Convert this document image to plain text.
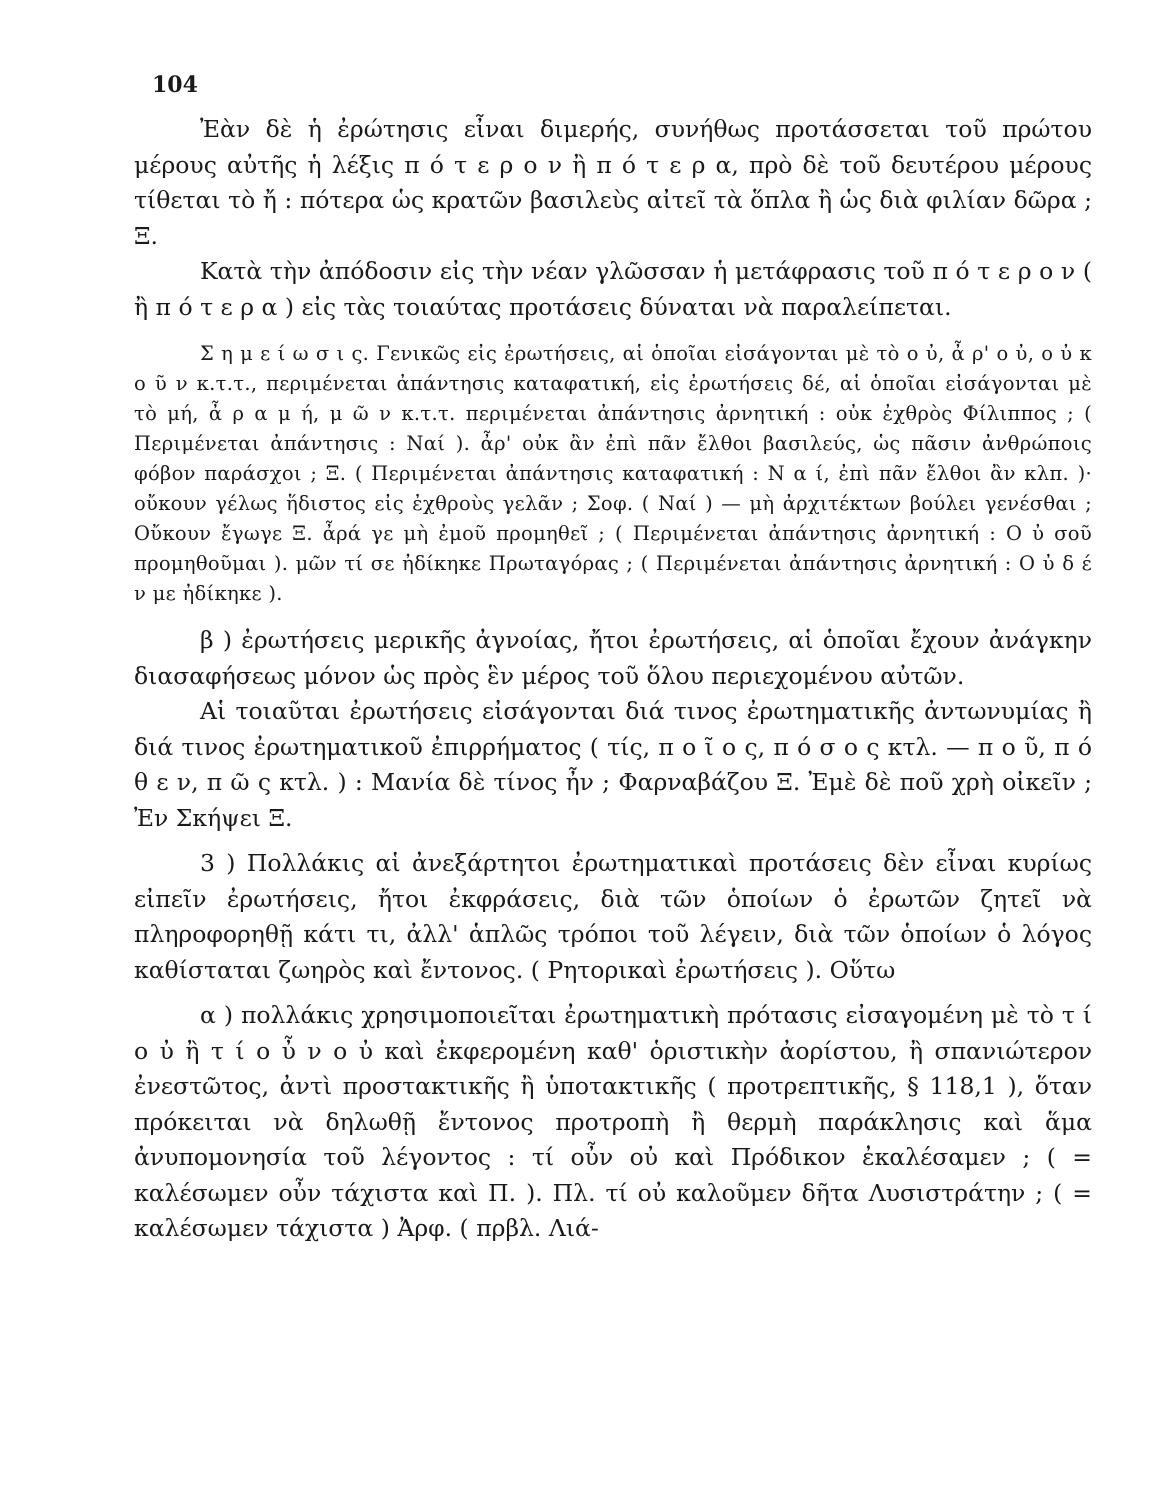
104

Ἐὰν δὲ ἡ ἐρώτησις εἶναι διμερής, συνήθως προτάσσεται τοῦ πρώτου μέρους αὐτῆς ἡ λέξις π ό τ ε ρ ο ν ἢ π ό τ ε ρ α, πρὸ δὲ τοῦ δευτέρου μέρους τίθεται τὸ ἤ : πότερα ὡς κρατῶν βασιλεὺς αἰτεῖ τὰ ὅπλα ἢ ὡς διὰ φιλίαν δῶρα ; Ξ.

Κατὰ τὴν ἀπόδοσιν εἰς τὴν νέαν γλῶσσαν ἡ μετάφρασις τοῦ π ό τ ε ρ ο ν ( ἢ π ό τ ε ρ α ) εἰς τὰς τοιαύτας προτάσεις δύναται νὰ παραλείπεται.

Σ η μ ε ί ω σ ι ς. Γενικῶς εἰς ἐρωτήσεις, αἱ ὁποῖαι εἰσάγονται μὲ τὸ ο ὐ, ἆ ρ' ο ὐ, ο ὐ κ ο ῦ ν κ.τ.τ., περιμένεται ἀπάντησις καταφατική, εἰς ἐρωτήσεις δέ, αἱ ὁποῖαι εἰσάγονται μὲ τὸ μή, ἆ ρ α μ ή, μ ῶ ν κ.τ.τ. περιμένεται ἀπάντησις ἀρνητική : οὐκ ἐχθρὸς Φίλιππος ; ( Περιμένεται ἀπάντησις : Ναί ). ἆρ' οὐκ ἂν ἐπὶ πᾶν ἔλθοι βασιλεύς, ὡς πᾶσιν ἀνθρώποις φόβον παράσχοι ; Ξ. ( Περιμένεται ἀπάντησις καταφατική : Ν α ί, ἐπὶ πᾶν ἔλθοι ἂν κλπ. )· οὔκουν γέλως ἥδιστος εἰς ἐχθροὺς γελᾶν ; Σοφ. ( Ναί ) — μὴ ἀρχιτέκτων βούλει γενέσθαι ; Οὔκουν ἔγωγε Ξ. ἆρά γε μὴ ἐμοῦ προμηθεῖ ; ( Περιμένεται ἀπάντησις ἀρνητική : Ο ὐ σοῦ προμηθοῦμαι ). μῶν τί σε ἠδίκηκε Πρωταγόρας ; ( Περιμένεται ἀπάντησις ἀρνητική : Ο ὐ δ έ ν με ἠδίκηκε ).

β ) ἐρωτήσεις μερικῆς ἀγνοίας, ἤτοι ἐρωτήσεις, αἱ ὁποῖαι ἔχουν ἀνάγκην διασαφήσεως μόνον ὡς πρὸς ἓν μέρος τοῦ ὅλου περιεχομένου αὐτῶν.

Αἱ τοιαῦται ἐρωτήσεις εἰσάγονται διά τινος ἐρωτηματικῆς ἀντωνυμίας ἢ διά τινος ἐρωτηματικοῦ ἐπιρρήματος ( τίς, π ο ῖ ο ς, π ό σ ο ς κτλ. — π ο ῦ, π ό θ ε ν, π ῶ ς κτλ. ) : Μανία δὲ τίνος ἦν ; Φαρναβάζου Ξ. Ἐμὲ δὲ ποῦ χρὴ οἰκεῖν ; Ἐν Σκήψει Ξ.

3 ) Πολλάκις αἱ ἀνεξάρτητοι ἐρωτηματικαὶ προτάσεις δὲν εἶναι κυρίως εἰπεῖν ἐρωτήσεις, ἤτοι ἐκφράσεις, διὰ τῶν ὁποίων ὁ ἐρωτῶν ζητεῖ νὰ πληροφορηθῇ κάτι τι, ἀλλ' ἁπλῶς τρόποι τοῦ λέγειν, διὰ τῶν ὁποίων ὁ λόγος καθίσταται ζωηρὸς καὶ ἔντονος. ( Ρητορικαὶ ἐρωτήσεις ). Οὕτω

α ) πολλάκις χρησιμοποιεῖται ἐρωτηματικὴ πρότασις εἰσαγομένη μὲ τὸ τ ί ο ὐ ἢ τ ί ο ὖ ν ο ὐ καὶ ἐκφερομένη καθ' ὁριστικὴν ἀορίστου, ἢ σπανιώτερον ἐνεστῶτος, ἀντὶ προστακτικῆς ἢ ὑποτακτικῆς ( προτρεπτικῆς, § 118,1 ), ὅταν πρόκειται νὰ δηλωθῇ ἔντονος προτροπὴ ἢ θερμὴ παράκλησις καὶ ἅμα ἀνυπομονησία τοῦ λέγοντος : τί οὖν οὐ καὶ Πρόδικον ἐκαλέσαμεν ; ( = καλέσωμεν οὖν τάχιστα καὶ Π. ). Πλ. τί οὐ καλοῦμεν δῆτα Λυσιστράτην ; ( = καλέσωμεν τάχιστα ) Ἀρφ. ( πρβλ. Λιά-
